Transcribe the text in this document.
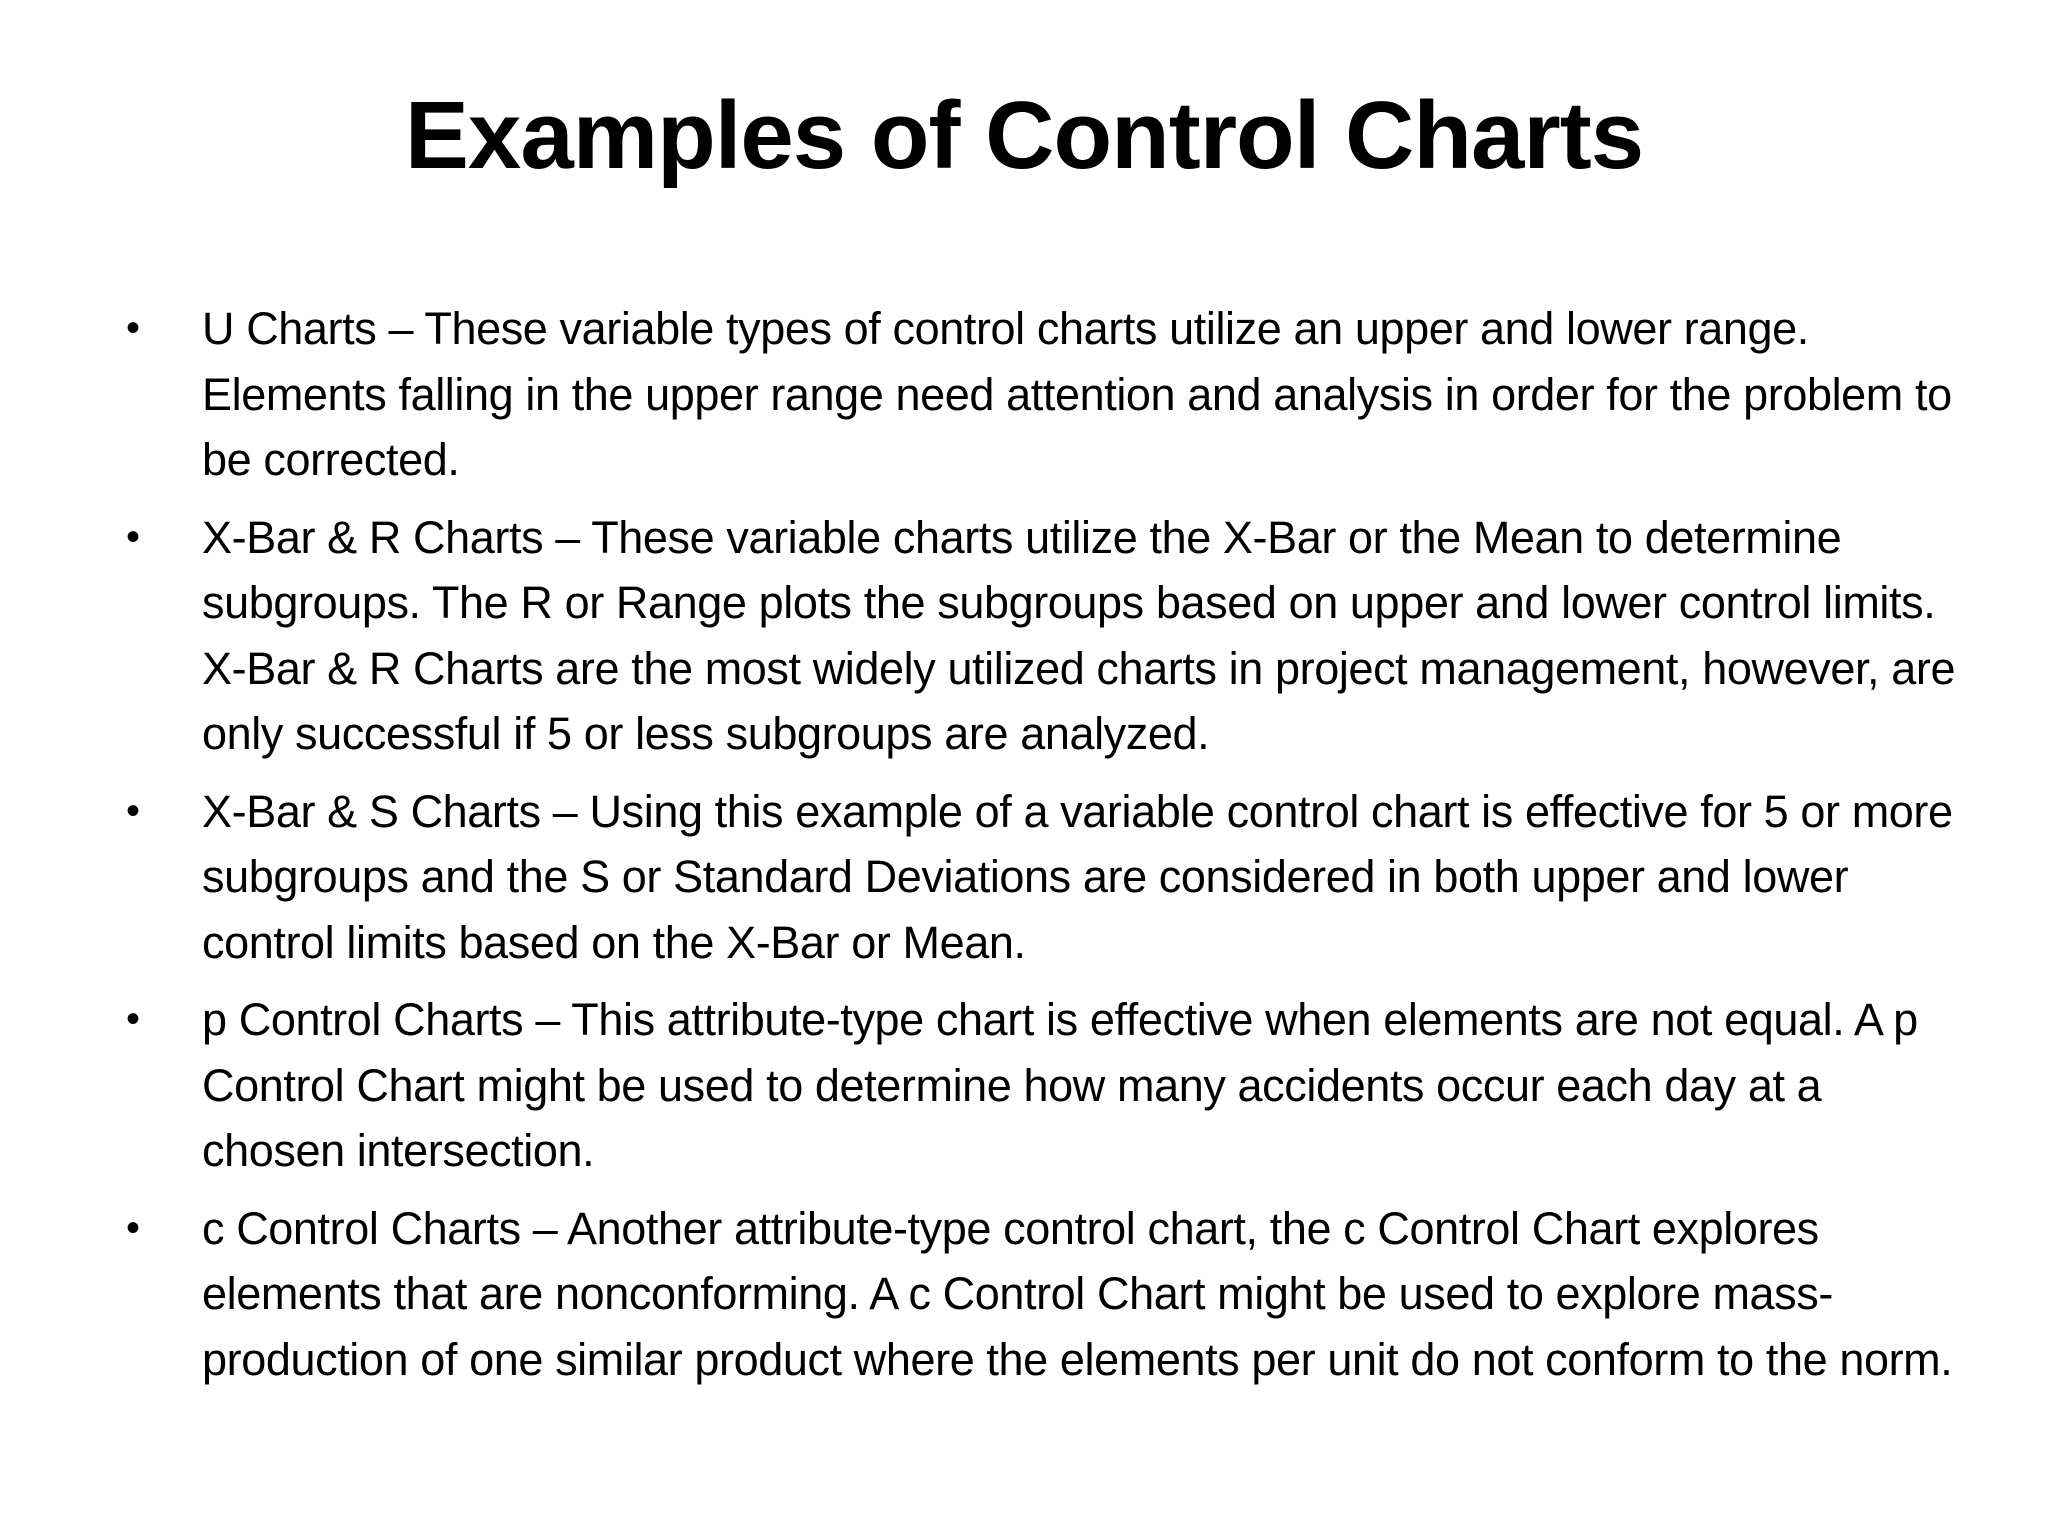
Examples of Control Charts
•	U Charts – These variable types of control charts utilize an upper and lower range. Elements falling in the upper range need attention and analysis in order for the problem to be corrected.
•	X-Bar & R Charts – These variable charts utilize the X-Bar or the Mean to determine subgroups. The R or Range plots the subgroups based on upper and lower control limits. X-Bar & R Charts are the most widely utilized charts in project management, however, are only successful if 5 or less subgroups are analyzed.
•	X-Bar & S Charts – Using this example of a variable control chart is effective for 5 or more subgroups and the S or Standard Deviations are considered in both upper and lower control limits based on the X-Bar or Mean.
•	p Control Charts – This attribute-type chart is effective when elements are not equal. A p Control Chart might be used to determine how many accidents occur each day at a chosen intersection.
•	c Control Charts – Another attribute-type control chart, the c Control Chart explores elements that are nonconforming. A c Control Chart might be used to explore mass-production of one similar product where the elements per unit do not conform to the norm.
